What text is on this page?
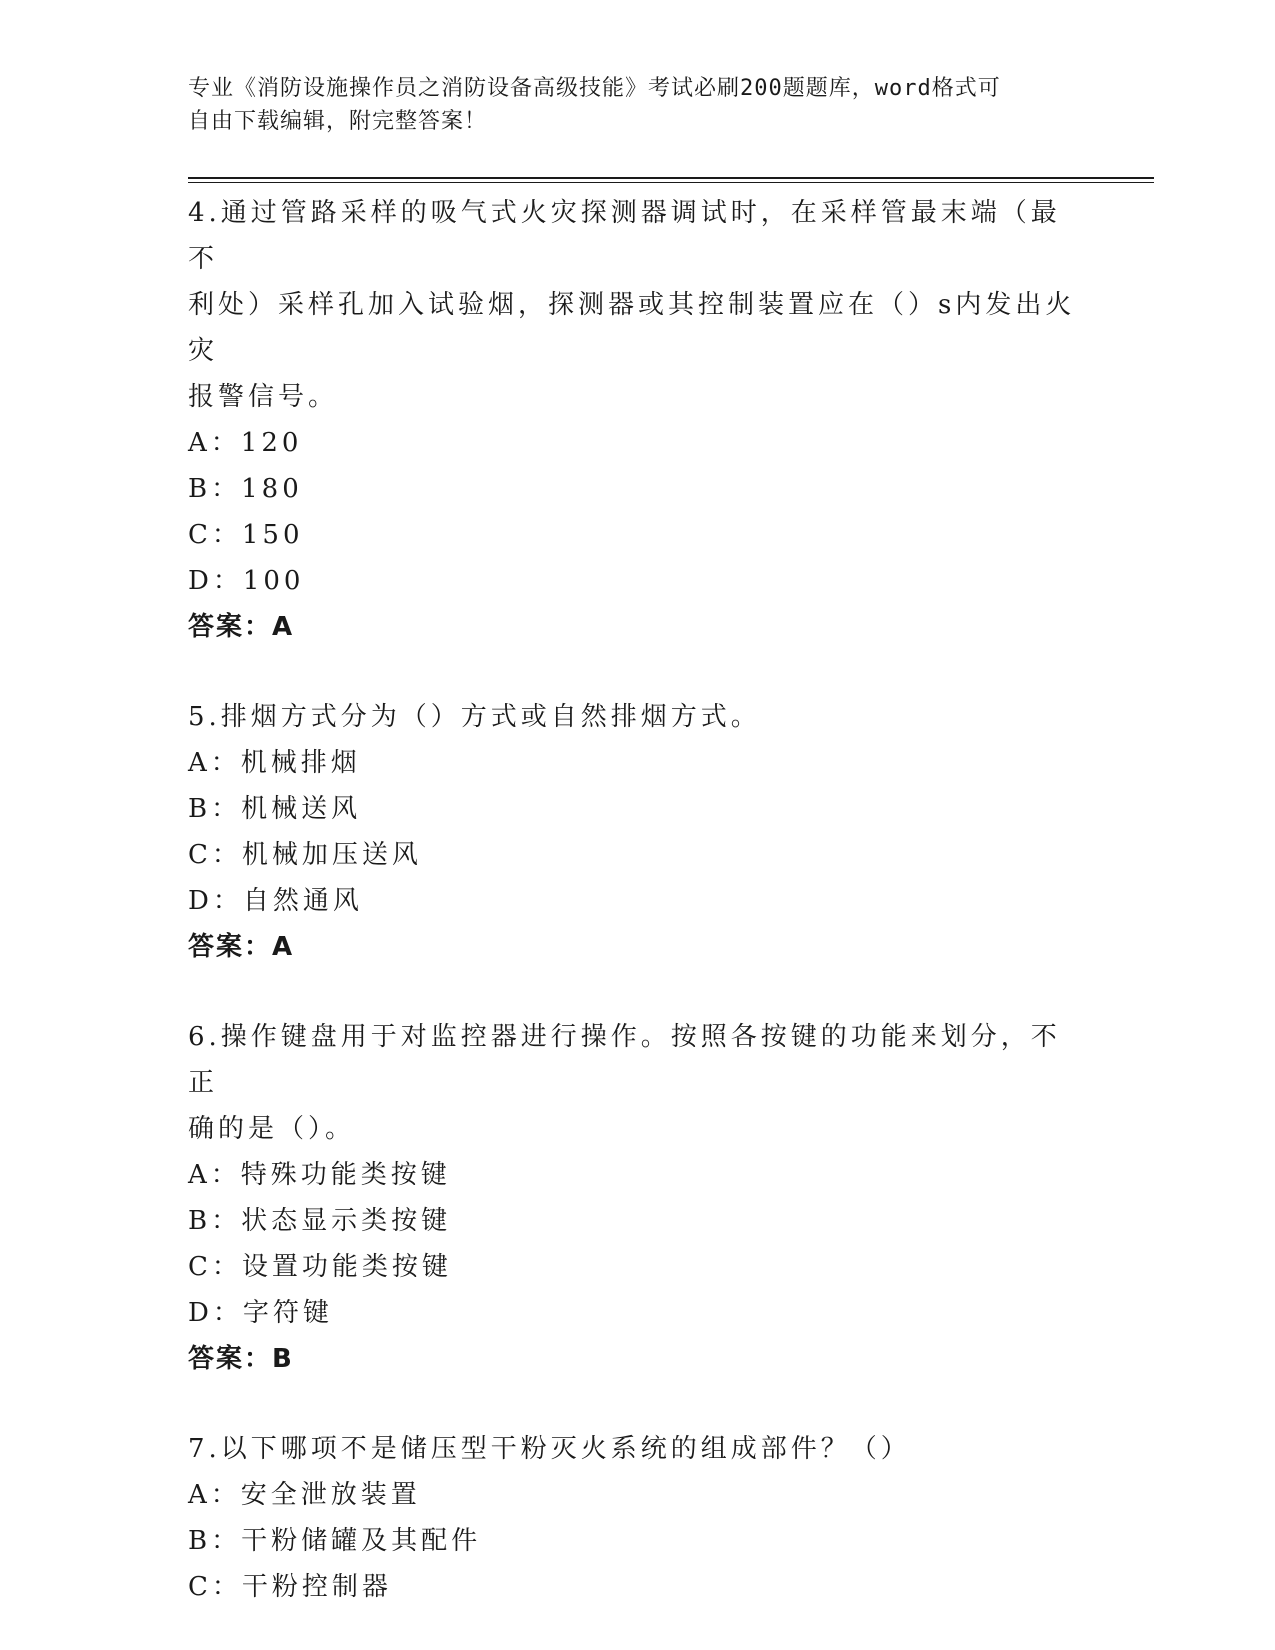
专业《消防设施操作员之消防设备高级技能》考试必刷200题题库，word格式可
自由下载编辑，附完整答案！
4.通过管路采样的吸气式火灾探测器调试时，在采样管最末端（最不
利处）采样孔加入试验烟，探测器或其控制装置应在（）s内发出火灾
报警信号。
A：120
B：180
C：150
D：100
答案：A
5.排烟方式分为（）方式或自然排烟方式。
A：机械排烟
B：机械送风
C：机械加压送风
D：自然通风
答案：A
6.操作键盘用于对监控器进行操作。按照各按键的功能来划分，不正
确的是（）。
A：特殊功能类按键
B：状态显示类按键
C：设置功能类按键
D：字符键
答案：B
7.以下哪项不是储压型干粉灭火系统的组成部件？（）
A：安全泄放装置
B：干粉储罐及其配件
C：干粉控制器
